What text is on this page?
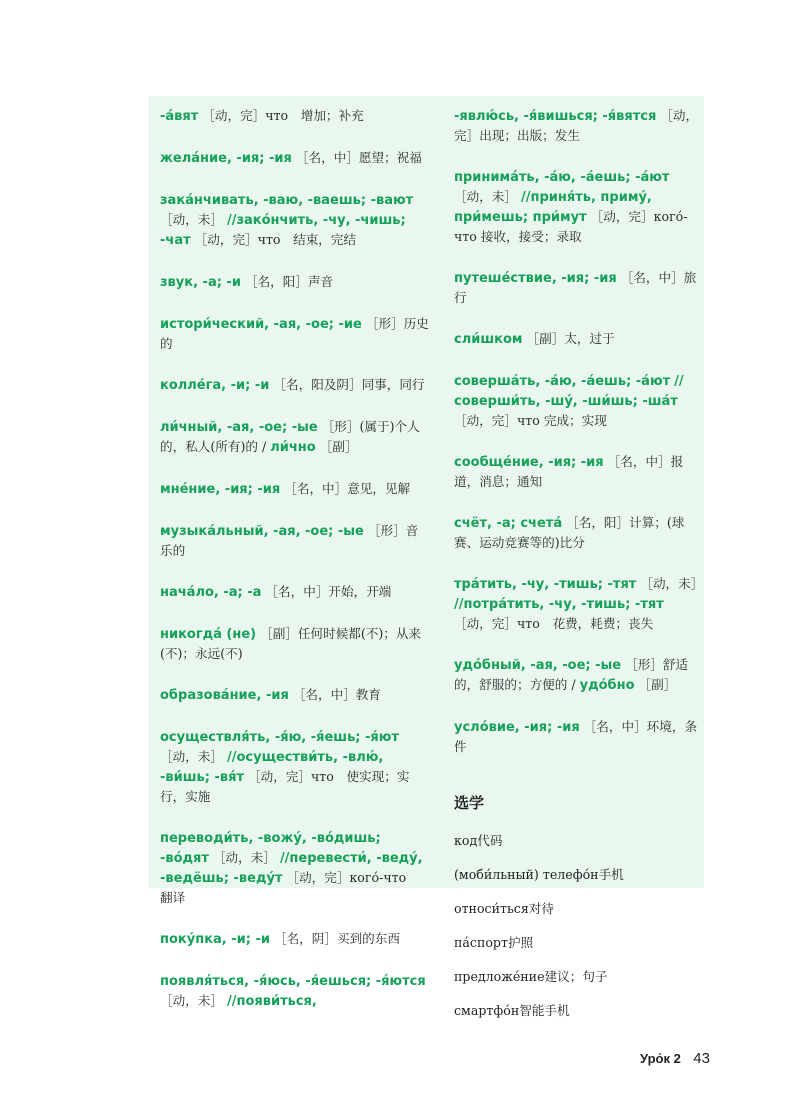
-а́вят ［动，完］что　增加；补充
жела́ние, -ия; -ия ［名，中］愿望；祝福
зака́нчивать, -ваю, -ваешь; -вают ［动，未］ //зако́нчить, -чу, -чишь; -чат ［动，完］что　结束，完结
звук, -а; -и ［名，阳］声音
истори́ческий, -ая, -ое; -ие ［形］历史的
колле́га, -и; -и ［名，阳及阴］同事，同行
ли́чный, -ая, -ое; -ые ［形］(属于)个人的，私人(所有)的 / ли́чно ［副］
мне́ние, -ия; -ия ［名，中］意见，见解
музыка́льный, -ая, -ое; -ые ［形］音乐的
нача́ло, -а; -а ［名，中］开始，开端
никогда́ (не) ［副］任何时候都(不)；从来(不)；永远(不)
образова́ние, -ия ［名，中］教育
осуществля́ть, -я́ю, -я́ешь; -я́ют ［动，未］ //осуществи́ть, -влю́, -ви́шь; -вя́т ［动，完］что　使实现；实行，实施
переводи́ть, -вожу́, -во́дишь; -во́дят ［动，未］ //перевести́, -веду́, -ведёшь; -веду́т ［动，完］кого́-что　翻译
поку́пка, -и; -и ［名，阴］买到的东西
появля́ться, -я́юсь, -я́ешься; -я́ются ［动，未］ //появи́ться,
-явлю́сь, -я́вишься; -я́вятся ［动，完］出现；出版；发生
принима́ть, -а́ю, -а́ешь; -а́ют ［动，未］ //приня́ть, приму́, при́мешь; при́мут ［动，完］кого́-что 接收，接受；录取
путеше́ствие, -ия; -ия ［名，中］旅行
сли́шком ［副］太，过于
соверша́ть, -а́ю, -а́ешь; -а́ют //соверши́ть, -шу́, -ши́шь; -ша́т ［动，完］что 完成；实现
сообще́ние, -ия; -ия ［名，中］报道，消息；通知
счёт, -а; счета́ ［名，阳］计算；(球赛、运动竞赛等的)比分
тра́тить, -чу, -тишь; -тят ［动，未］ //потра́тить, -чу, -тишь; -тят ［动，完］что　花费，耗费；丧失
удо́бный, -ая, -ое; -ые ［形］舒适的，舒服的；方便的 / удо́бно ［副］
усло́вие, -ия; -ия ［名，中］环境，条件
选学
код代码
(моби́льный) телефо́н手机
относи́ться对待
па́спорт护照
предложе́ние建议；句子
смартфо́н智能手机
Уро́к 2 43
